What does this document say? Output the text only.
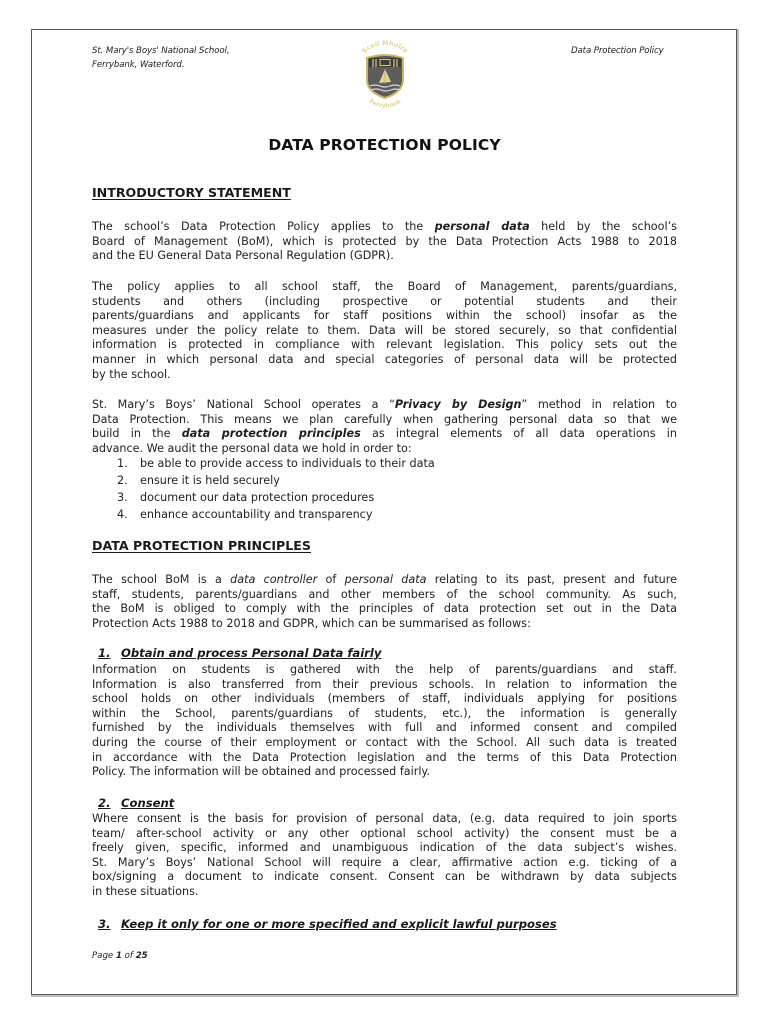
St. Mary's Boys' National School,
Ferrybank, Waterford.
Scoil Mhuire
Ferrybank
Data Protection Policy
DATA PROTECTION POLICY
INTRODUCTORY STATEMENT
DATA PROTECTION PRINCIPLES
The school’s Data Protection Policy applies to the personal data held by the school’s
Board of Management (BoM), which is protected by the Data Protection Acts 1988 to 2018
and the EU General Data Personal Regulation (GDPR).
The policy applies to all school staff, the Board of Management, parents/guardians,
students and others (including prospective or potential students and their
parents/guardians and applicants for staff positions within the school) insofar as the
measures under the policy relate to them. Data will be stored securely, so that confidential
information is protected in compliance with relevant legislation. This policy sets out the
manner in which personal data and special categories of personal data will be protected
by the school.
St. Mary’s Boys’ National School operates a “Privacy by Design” method in relation to
Data Protection. This means we plan carefully when gathering personal data so that we
build in the data protection principles as integral elements of all data operations in
advance. We audit the personal data we hold in order to:
The school BoM is a data controller of personal data relating to its past, present and future
staff, students, parents/guardians and other members of the school community. As such,
the BoM is obliged to comply with the principles of data protection set out in the Data
Protection Acts 1988 to 2018 and GDPR, which can be summarised as follows:
Information on students is gathered with the help of parents/guardians and staff.
Information is also transferred from their previous schools. In relation to information the
school holds on other individuals (members of staff, individuals applying for positions
within the School, parents/guardians of students, etc.), the information is generally
furnished by the individuals themselves with full and informed consent and compiled
during the course of their employment or contact with the School. All such data is treated
in accordance with the Data Protection legislation and the terms of this Data Protection
Policy. The information will be obtained and processed fairly.
Where consent is the basis for provision of personal data, (e.g. data required to join sports
team/ after-school activity or any other optional school activity) the consent must be a
freely given, specific, informed and unambiguous indication of the data subject’s wishes.
St. Mary’s Boys’ National School will require a clear, affirmative action e.g. ticking of a
box/signing a document to indicate consent. Consent can be withdrawn by data subjects
in these situations.
1. be able to provide access to individuals to their data
2. ensure it is held securely
3. document our data protection procedures
4. enhance accountability and transparency
1. Obtain and process Personal Data fairly
2. Consent
3. Keep it only for one or more specified and explicit lawful purposes
Page 1 of 25
